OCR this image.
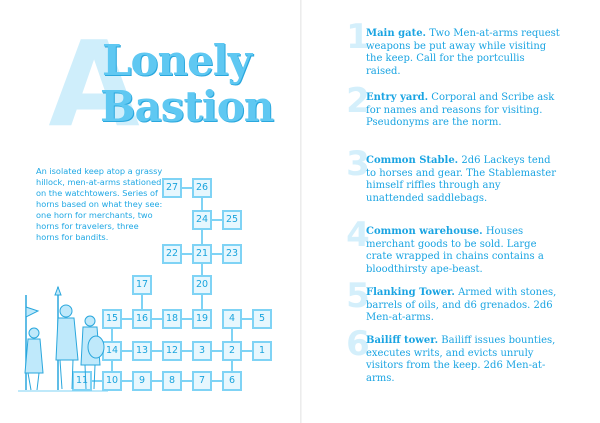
A
Lonely
Bastion

An isolated keep atop a grassy hillock, men-at-arms stationed on the watchtowers. Series of horns based on what they see: one horn for merchants, two horns for travelers, three horns for bandits.

1
2
3
4	5
6
7
8
9
10
11
12
13
14
15	16
17
18	19
20
21
22	23
24	25
26
27
1

Main gate. Two Men-at-arms request weapons be put away while visiting the keep. Call for the portcullis raised.

2

Entry yard. Corporal and Scribe ask for names and reasons for visiting. Pseudonyms are the norm.

3

Common Stable. 2d6 Lackeys tend to horses and gear. The Stablemaster himself riffles through any unattended saddlebags.

4

Common warehouse. Houses merchant goods to be sold. Large crate wrapped in chains contains a bloodthirsty ape-beast.

5

Flanking Tower. Armed with stones, barrels of oils, and d6 grenados. 2d6 Men-at-arms.

6

Bailiff tower. Bailiff issues bounties, executes writs, and evicts unruly visitors from the keep. 2d6 Men-at-arms.
